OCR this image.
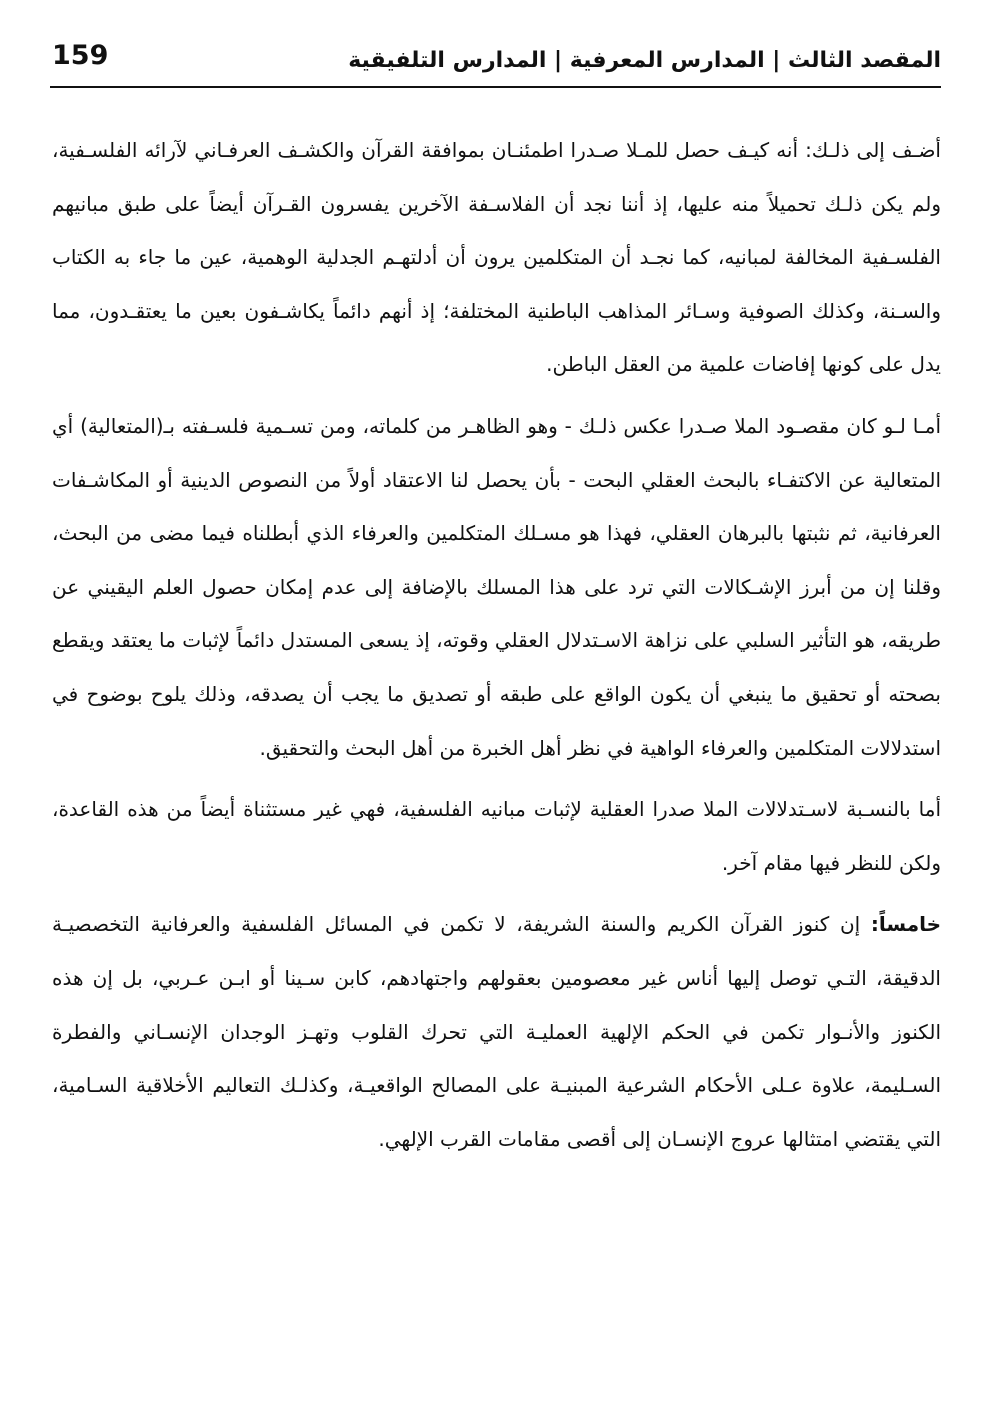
159	المقصد الثالث | المدارس المعرفية | المدارس التلفيقية

أضـف إلى ذلـك: أنه كيـف حصل للمـلا صـدرا اطمئنـان بموافقة القرآن والكشـف العرفـاني لآرائه الفلسـفية، ولم يكن ذلـك تحميلاً منه عليها، إذ أننا نجد أن الفلاسـفة الآخرين يفسرون القـرآن أيضاً على طبق مبانيهم الفلسـفية المخالفة لمبانيه، كما نجـد أن المتكلمين يرون أن أدلتهـم الجدلية الوهمية، عين ما جاء به الكتاب والسـنة، وكذلك الصوفية وسـائر المذاهب الباطنية المختلفة؛ إذ أنهم دائماً يكاشـفون بعين ما يعتقـدون، مما يدل على كونها إفاضات علمية من العقل الباطن.

أمـا لـو كان مقصـود الملا صـدرا عكس ذلـك - وهو الظاهـر من كلماته، ومن تسـمية فلسـفته بـ(المتعالية) أي المتعالية عن الاكتفـاء بالبحث العقلي البحت - بأن يحصل لنا الاعتقاد أولاً من النصوص الدينية أو المكاشـفات العرفانية، ثم نثبتها بالبرهان العقلي، فهذا هو مسـلك المتكلمين والعرفاء الذي أبطلناه فيما مضى من البحث، وقلنا إن من أبرز الإشـكالات التي ترد على هذا المسلك بالإضافة إلى عدم إمكان حصول العلم اليقيني عن طريقه، هو التأثير السلبي على نزاهة الاسـتدلال العقلي وقوته، إذ يسعى المستدل دائماً لإثبات ما يعتقد ويقطع بصحته أو تحقيق ما ينبغي أن يكون الواقع على طبقه أو تصديق ما يجب أن يصدقه، وذلك يلوح بوضوح في استدلالات المتكلمين والعرفاء الواهية في نظر أهل الخبرة من أهل البحث والتحقيق.

أما بالنسـبة لاسـتدلالات الملا صدرا العقلية لإثبات مبانيه الفلسفية، فهي غير مستثناة أيضاً من هذه القاعدة، ولكن للنظر فيها مقام آخر.

خامساً: إن كنوز القرآن الكريم والسنة الشريفة، لا تكمن في المسائل الفلسفية والعرفانية التخصصيـة الدقيقة، التـي توصل إليها أناس غير معصومين بعقولهم واجتهادهم، كابن سـينا أو ابـن عـربي، بل إن هذه الكنوز والأنـوار تكمن في الحكم الإلهية العمليـة التي تحرك القلوب وتهـز الوجدان الإنسـاني والفطرة السـليمة، علاوة عـلى الأحكام الشرعية المبنيـة على المصالح الواقعيـة، وكذلـك التعاليم الأخلاقية السـامية، التي يقتضي امتثالها عروج الإنسـان إلى أقصى مقامات القرب الإلهي.
